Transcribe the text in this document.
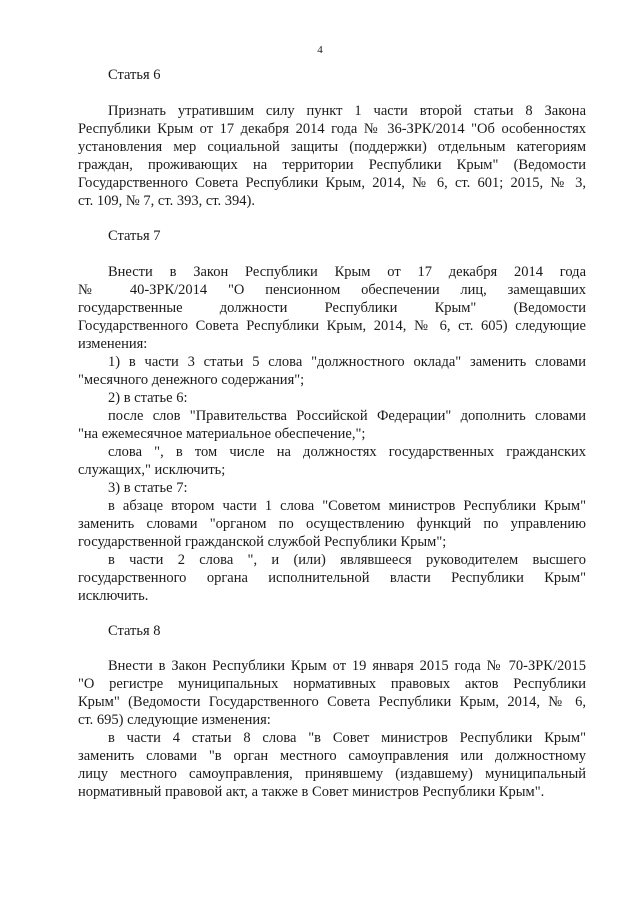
4
Статья 6
Признать утратившим силу пункт 1 части второй статьи 8 Закона
Республики Крым от 17 декабря 2014 года № 36-ЗРК/2014 "Об особенностях
установления мер социальной защиты (поддержки) отдельным категориям
граждан, проживающих на территории Республики Крым" (Ведомости
Государственного Совета Республики Крым, 2014, № 6, ст. 601; 2015, № 3,
ст. 109, № 7, ст. 393, ст. 394).
Статья 7
Внести в Закон Республики Крым от 17 декабря 2014 года
№ 40-ЗРК/2014 "О пенсионном обеспечении лиц, замещавших
государственные должности Республики Крым" (Ведомости
Государственного Совета Республики Крым, 2014, № 6, ст. 605) следующие
изменения:
1) в части 3 статьи 5 слова "должностного оклада" заменить словами
"месячного денежного содержания";
2) в статье 6:
после слов "Правительства Российской Федерации" дополнить словами
"на ежемесячное материальное обеспечение,";
слова ", в том числе на должностях государственных гражданских
служащих," исключить;
3) в статье 7:
в абзаце втором части 1 слова "Советом министров Республики Крым"
заменить словами "органом по осуществлению функций по управлению
государственной гражданской службой Республики Крым";
в части 2 слова ", и (или) являвшееся руководителем высшего
государственного органа исполнительной власти Республики Крым"
исключить.
Статья 8
Внести в Закон Республики Крым от 19 января 2015 года № 70-ЗРК/2015
"О регистре муниципальных нормативных правовых актов Республики
Крым" (Ведомости Государственного Совета Республики Крым, 2014, № 6,
ст. 695) следующие изменения:
в части 4 статьи 8 слова "в Совет министров Республики Крым"
заменить словами "в орган местного самоуправления или должностному
лицу местного самоуправления, принявшему (издавшему) муниципальный
нормативный правовой акт, а также в Совет министров Республики Крым".
